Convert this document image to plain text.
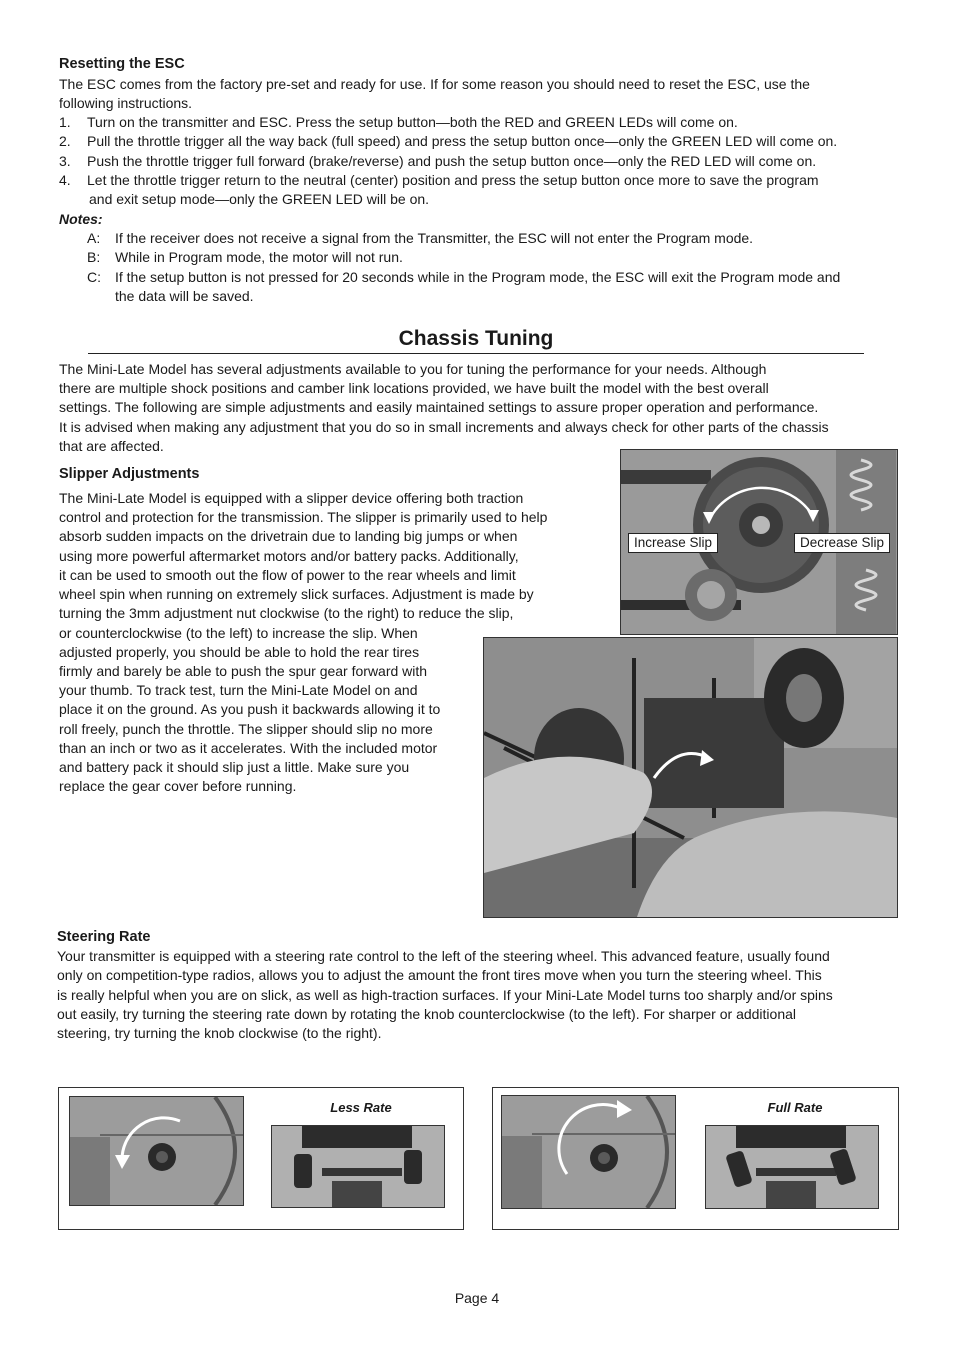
Resetting the ESC

The ESC comes from the factory pre-set and ready for use. If for some reason you should need to reset the ESC, use the

following instructions.

1. Turn on the transmitter and ESC. Press the setup button—both the RED and GREEN LEDs will come on.
2. Pull the throttle trigger all the way back (full speed) and press the setup button once—only the GREEN LED will come on.
3. Push the throttle trigger full forward (brake/reverse) and push the setup button once—only the RED LED will come on.
4. Let the throttle trigger return to the neutral (center) position and press the setup button once more to save the program

and exit setup mode—only the GREEN LED will be on.

Notes:
A: If the receiver does not receive a signal from the Transmitter, the ESC will not enter the Program mode.
B: While in Program mode, the motor will not run.
C: If the setup button is not pressed for 20 seconds while in the Program mode, the ESC will exit the Program mode and

the data will be saved.

Chassis Tuning

The Mini-Late Model has several adjustments available to you for tuning the performance for your needs. Although

there are multiple shock positions and camber link locations provided, we have built the model with the best overall

settings. The following are simple adjustments and easily maintained settings to assure proper operation and performance.

It is advised when making any adjustment that you do so in small increments and always check for other parts of the chassis

that are affected.

Slipper Adjustments

The Mini-Late Model is equipped with a slipper device offering both traction

control and protection for the transmission. The slipper is primarily used to help

absorb sudden impacts on the drivetrain due to landing big jumps or when

using more powerful aftermarket motors and/or battery packs. Additionally,

it can be used to smooth out the flow of power to the rear wheels and limit

wheel spin when running on extremely slick surfaces. Adjustment is made by

turning the 3mm adjustment nut clockwise (to the right) to reduce the slip,

or counterclockwise (to the left) to increase the slip. When

adjusted properly, you should be able to hold the rear tires

firmly and barely be able to push the spur gear forward with

your thumb. To track test, turn the Mini-Late Model on and

place it on the ground. As you push it backwards allowing it to

roll freely, punch the throttle. The slipper should slip no more

than an inch or two as it accelerates. With the included motor

and battery pack it should slip just a little. Make sure you

replace the gear cover before running.

Increase Slip	Decrease Slip
Steering Rate

Your transmitter is equipped with a steering rate control to the left of the steering wheel. This advanced feature, usually found

only on competition-type radios, allows you to adjust the amount the front tires move when you turn the steering wheel. This

is really helpful when you are on slick, as well as high-traction surfaces. If your Mini-Late Model turns too sharply and/or spins

out easily, try turning the steering rate down by rotating the knob counterclockwise (to the left). For sharper or additional

steering, try turning the knob clockwise (to the right).

Less Rate	Full Rate
Page 4
